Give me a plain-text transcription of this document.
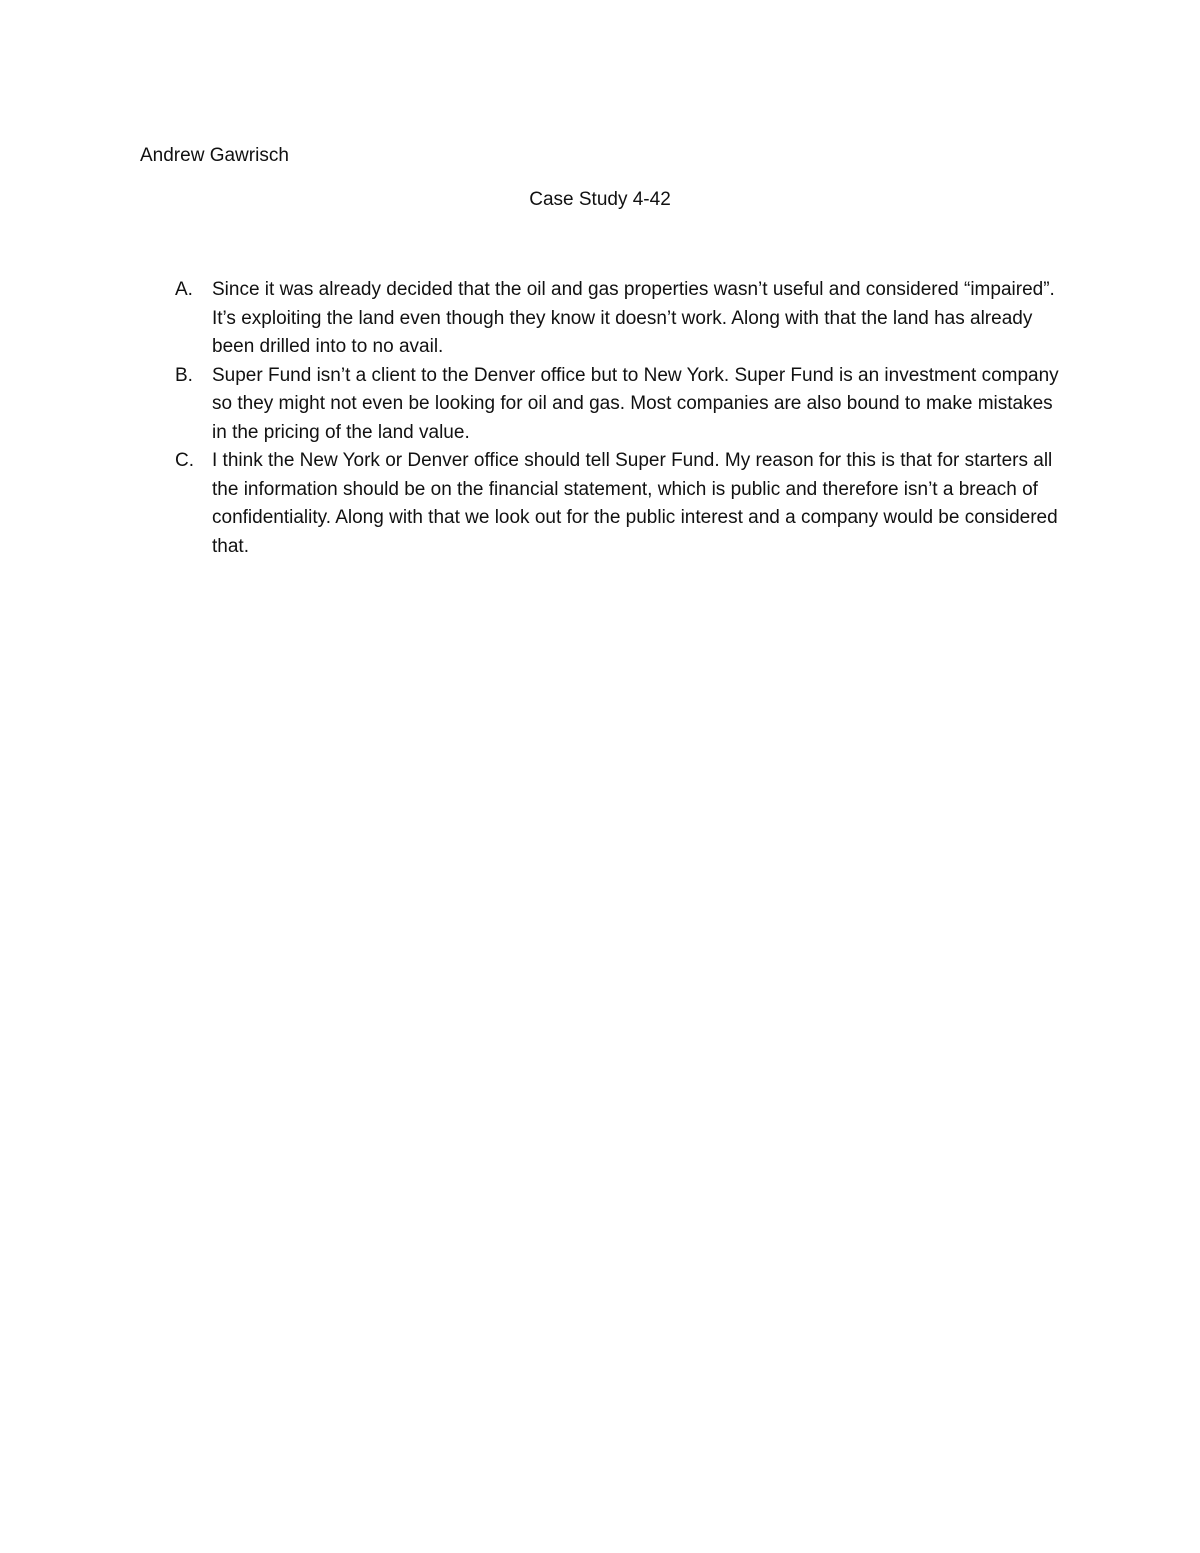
Andrew Gawrisch
Case Study 4-42
A. Since it was already decided that the oil and gas properties wasn’t useful and considered “impaired”. It’s exploiting the land even though they know it doesn’t work. Along with that the land has already been drilled into to no avail.
B. Super Fund isn’t a client to the Denver office but to New York. Super Fund is an investment company so they might not even be looking for oil and gas. Most companies are also bound to make mistakes in the pricing of the land value.
C. I think the New York or Denver office should tell Super Fund. My reason for this is that for starters all the information should be on the financial statement, which is public and therefore isn’t a breach of confidentiality. Along with that we look out for the public interest and a company would be considered that.
